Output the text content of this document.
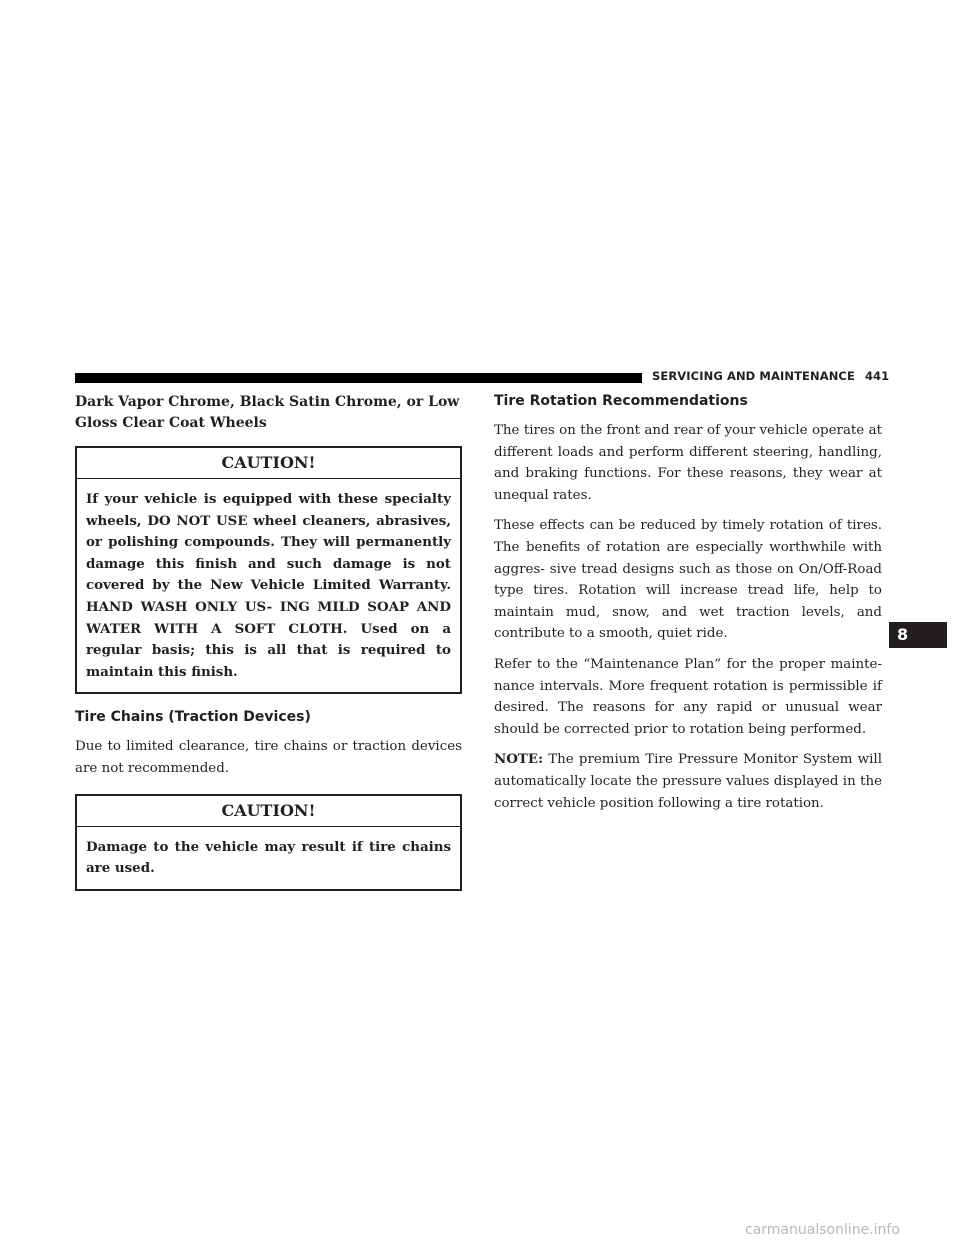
SERVICING AND MAINTENANCE 441
Dark Vapor Chrome, Black Satin Chrome, or Low Gloss Clear Coat Wheels
CAUTION!
If your vehicle is equipped with these specialty wheels, DO NOT USE wheel cleaners, abrasives, or polishing compounds. They will permanently damage this finish and such damage is not covered by the New Vehicle Limited Warranty. HAND WASH ONLY US- ING MILD SOAP AND WATER WITH A SOFT CLOTH. Used on a regular basis; this is all that is required to maintain this finish.
Tire Chains (Traction Devices)

Due to limited clearance, tire chains or traction devices are not recommended.

CAUTION!
Damage to the vehicle may result if tire chains are used.
Tire Rotation Recommendations

The tires on the front and rear of your vehicle operate at different loads and perform different steering, handling, and braking functions. For these reasons, they wear at unequal rates.

These effects can be reduced by timely rotation of tires. The benefits of rotation are especially worthwhile with aggres- sive tread designs such as those on On/Off-Road type tires. Rotation will increase tread life, help to maintain mud, snow, and wet traction levels, and contribute to a smooth, quiet ride.

Refer to the “Maintenance Plan” for the proper mainte- nance intervals. More frequent rotation is permissible if desired. The reasons for any rapid or unusual wear should be corrected prior to rotation being performed.

NOTE: The premium Tire Pressure Monitor System will automatically locate the pressure values displayed in the correct vehicle position following a tire rotation.

8
carmanualsonline.info
